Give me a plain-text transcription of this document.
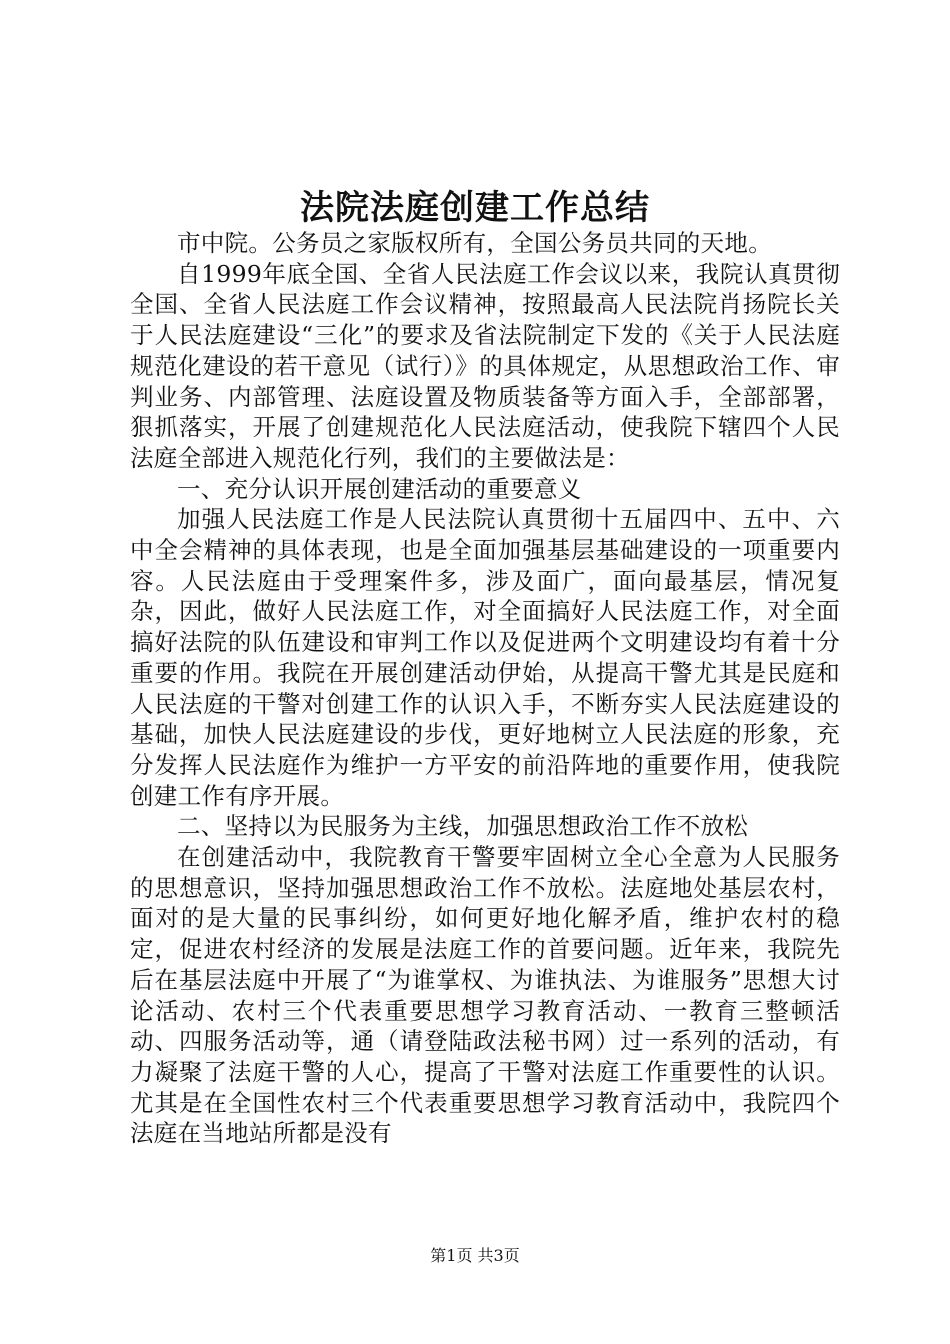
法院法庭创建工作总结

市中院。公务员之家版权所有，全国公务员共同的天地。

自1999年底全国、全省人民法庭工作会议以来，我院认真贯彻全国、全省人民法庭工作会议精神，按照最高人民法院肖扬院长关于人民法庭建设“三化”的要求及省法院制定下发的《关于人民法庭规范化建设的若干意见（试行）》的具体规定，从思想政治工作、审判业务、内部管理、法庭设置及物质装备等方面入手，全部部署，狠抓落实，开展了创建规范化人民法庭活动，使我院下辖四个人民法庭全部进入规范化行列，我们的主要做法是：

一、充分认识开展创建活动的重要意义

加强人民法庭工作是人民法院认真贯彻十五届四中、五中、六中全会精神的具体表现，也是全面加强基层基础建设的一项重要内容。人民法庭由于受理案件多，涉及面广，面向最基层，情况复杂，因此，做好人民法庭工作，对全面搞好人民法庭工作，对全面搞好法院的队伍建设和审判工作以及促进两个文明建设均有着十分重要的作用。我院在开展创建活动伊始，从提高干警尤其是民庭和人民法庭的干警对创建工作的认识入手，不断夯实人民法庭建设的基础，加快人民法庭建设的步伐，更好地树立人民法庭的形象，充分发挥人民法庭作为维护一方平安的前沿阵地的重要作用，使我院创建工作有序开展。

二、坚持以为民服务为主线，加强思想政治工作不放松

在创建活动中，我院教育干警要牢固树立全心全意为人民服务的思想意识，坚持加强思想政治工作不放松。法庭地处基层农村，面对的是大量的民事纠纷，如何更好地化解矛盾，维护农村的稳定，促进农村经济的发展是法庭工作的首要问题。近年来，我院先后在基层法庭中开展了“为谁掌权、为谁执法、为谁服务”思想大讨论活动、农村三个代表重要思想学习教育活动、一教育三整顿活动、四服务活动等，通（请登陆政法秘书网）过一系列的活动，有力凝聚了法庭干警的人心，提高了干警对法庭工作重要性的认识。尤其是在全国性农村三个代表重要思想学习教育活动中，我院四个法庭在当地站所都是没有

第1页 共3页
